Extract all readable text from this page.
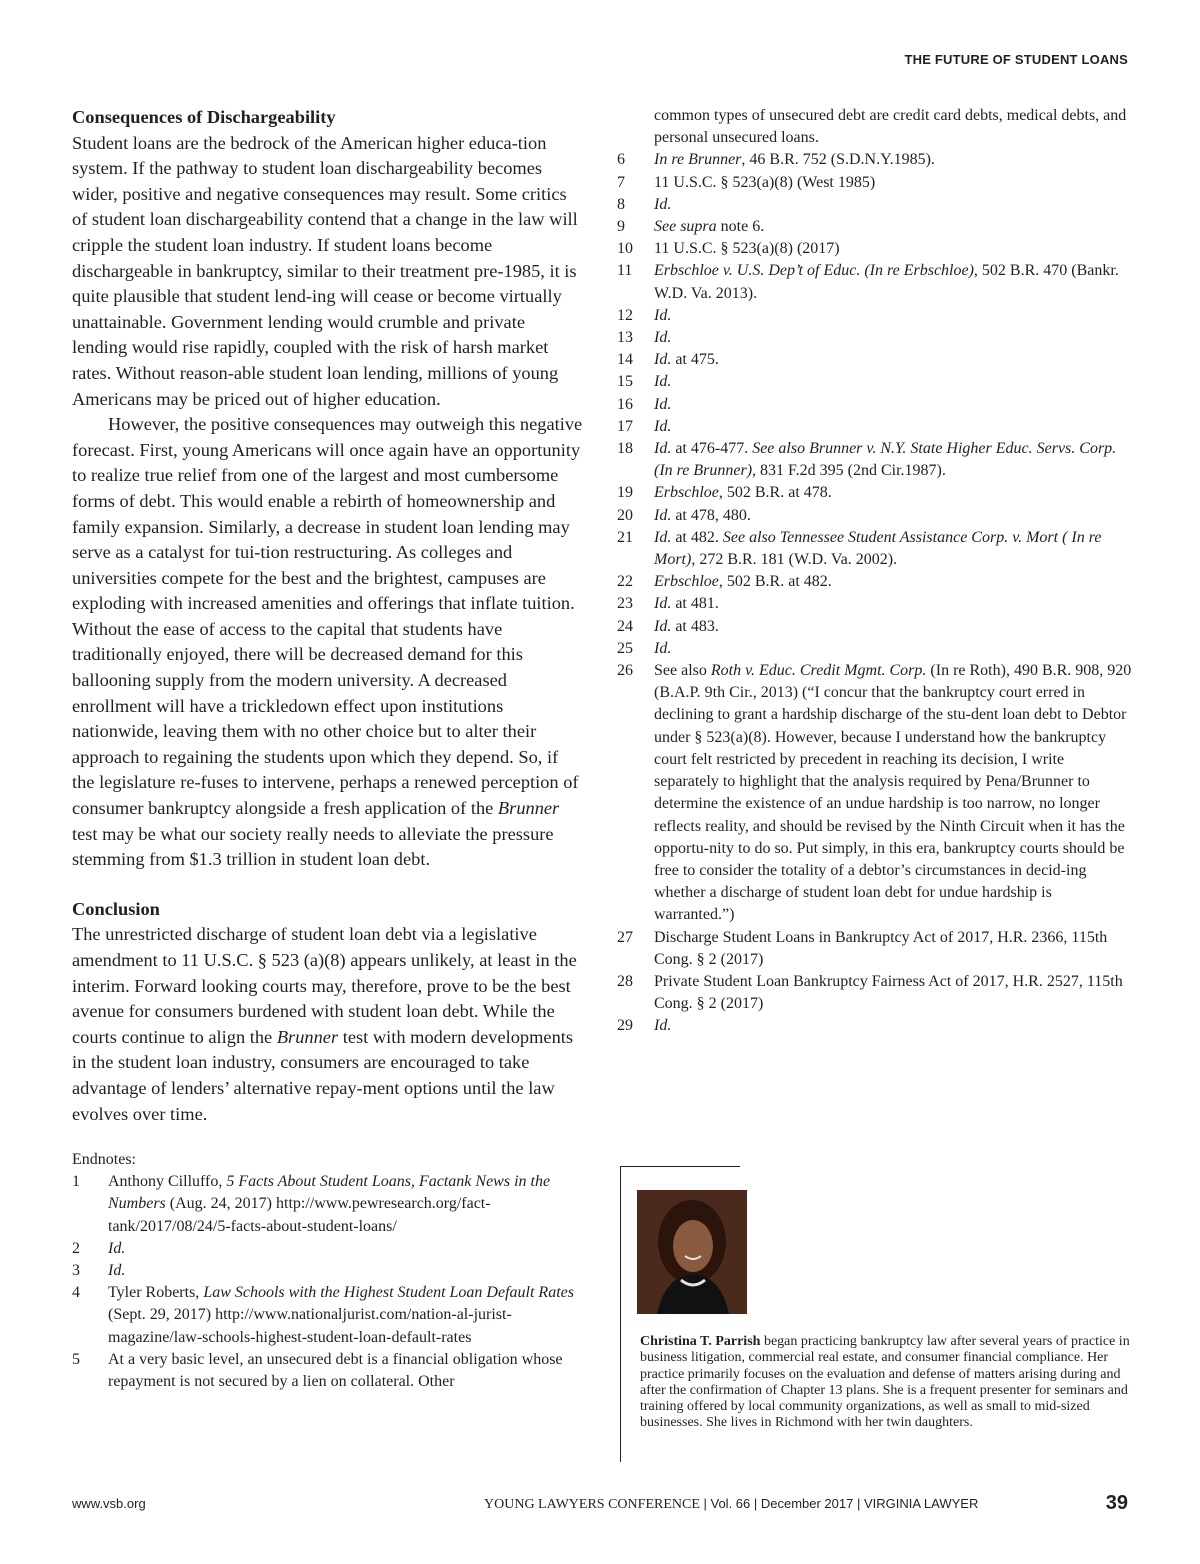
THE FUTURE OF STUDENT LOANS

Consequences of Dischargeability

Student loans are the bedrock of the American higher educa-tion system. If the pathway to student loan dischargeability becomes wider, positive and negative consequences may result. Some critics of student loan dischargeability contend that a change in the law will cripple the student loan industry. If student loans become dischargeable in bankruptcy, similar to their treatment pre-1985, it is quite plausible that student lend-ing will cease or become virtually unattainable. Government lending would crumble and private lending would rise rapidly, coupled with the risk of harsh market rates. Without reason-able student loan lending, millions of young Americans may be priced out of higher education.

However, the positive consequences may outweigh this negative forecast. First, young Americans will once again have an opportunity to realize true relief from one of the largest and most cumbersome forms of debt. This would enable a rebirth of homeownership and family expansion. Similarly, a decrease in student loan lending may serve as a catalyst for tui-tion restructuring. As colleges and universities compete for the best and the brightest, campuses are exploding with increased amenities and offerings that inflate tuition. Without the ease of access to the capital that students have traditionally enjoyed, there will be decreased demand for this ballooning supply from the modern university. A decreased enrollment will have a trickledown effect upon institutions nationwide, leaving them with no other choice but to alter their approach to regaining the students upon which they depend. So, if the legislature re-fuses to intervene, perhaps a renewed perception of consumer bankruptcy alongside a fresh application of the Brunner test may be what our society really needs to alleviate the pressure stemming from $1.3 trillion in student loan debt.

Conclusion

The unrestricted discharge of student loan debt via a legislative amendment to 11 U.S.C. § 523 (a)(8) appears unlikely, at least in the interim. Forward looking courts may, therefore, prove to be the best avenue for consumers burdened with student loan debt. While the courts continue to align the Brunner test with modern developments in the student loan industry, consumers are encouraged to take advantage of lenders’ alternative repay-ment options until the law evolves over time.

Endnotes:

1	Anthony Cilluffo, 5 Facts About Student Loans, Factank News in the Numbers (Aug. 24, 2017) http://www.pewresearch.org/fact-tank/2017/08/24/5-facts-about-student-loans/
2	Id.
3	Id.
4	Tyler Roberts, Law Schools with the Highest Student Loan Default Rates (Sept. 29, 2017) http://www.nationaljurist.com/nation-al-jurist-magazine/law-schools-highest-student-loan-default-rates
5	At a very basic level, an unsecured debt is a financial obligation whose repayment is not secured by a lien on collateral. Other
common types of unsecured debt are credit card debts, medical debts, and personal unsecured loans.
6	In re Brunner, 46 B.R. 752 (S.D.N.Y.1985).
7	11 U.S.C. § 523(a)(8) (West 1985)
8	Id.
9	See supra note 6.
10	11 U.S.C. § 523(a)(8) (2017)
11	Erbschloe v. U.S. Dep’t of Educ. (In re Erbschloe), 502 B.R. 470 (Bankr. W.D. Va. 2013).
12	Id.
13	Id.
14	Id. at 475.
15	Id.
16	Id.
17	Id.
18	Id. at 476-477. See also Brunner v. N.Y. State Higher Educ. Servs. Corp. (In re Brunner), 831 F.2d 395 (2nd Cir.1987).
19	Erbschloe, 502 B.R. at 478.
20	Id. at 478, 480.
21	Id. at 482. See also Tennessee Student Assistance Corp. v. Mort ( In re Mort), 272 B.R. 181 (W.D. Va. 2002).
22	Erbschloe, 502 B.R. at 482.
23	Id. at 481.
24	Id. at 483.
25	Id.
26	See also Roth v. Educ. Credit Mgmt. Corp. (In re Roth), 490 B.R. 908, 920 (B.A.P. 9th Cir., 2013) (“I concur that the bankruptcy court erred in declining to grant a hardship discharge of the stu-dent loan debt to Debtor under § 523(a)(8). However, because I understand how the bankruptcy court felt restricted by precedent in reaching its decision, I write separately to highlight that the analysis required by Pena/Brunner to determine the existence of an undue hardship is too narrow, no longer reflects reality, and should be revised by the Ninth Circuit when it has the opportu-nity to do so. Put simply, in this era, bankruptcy courts should be free to consider the totality of a debtor’s circumstances in decid-ing whether a discharge of student loan debt for undue hardship is warranted.”)
27	Discharge Student Loans in Bankruptcy Act of 2017, H.R. 2366, 115th Cong. § 2 (2017)
28	Private Student Loan Bankruptcy Fairness Act of 2017, H.R. 2527, 115th Cong. § 2 (2017)
29	Id.

Christina T. Parrish began practicing bankruptcy law after several years of practice in business litigation, commercial real estate, and consumer financial compliance. Her practice primarily focuses on the evaluation and defense of matters arising during and after the confirmation of Chapter 13 plans. She is a frequent presenter for seminars and training offered by local community organizations, as well as small to mid-sized businesses. She lives in Richmond with her twin daughters.

www.vsb.org	YOUNG LAWYERS CONFERENCE | Vol. 66 | December 2017 | VIRGINIA LAWYER	39
